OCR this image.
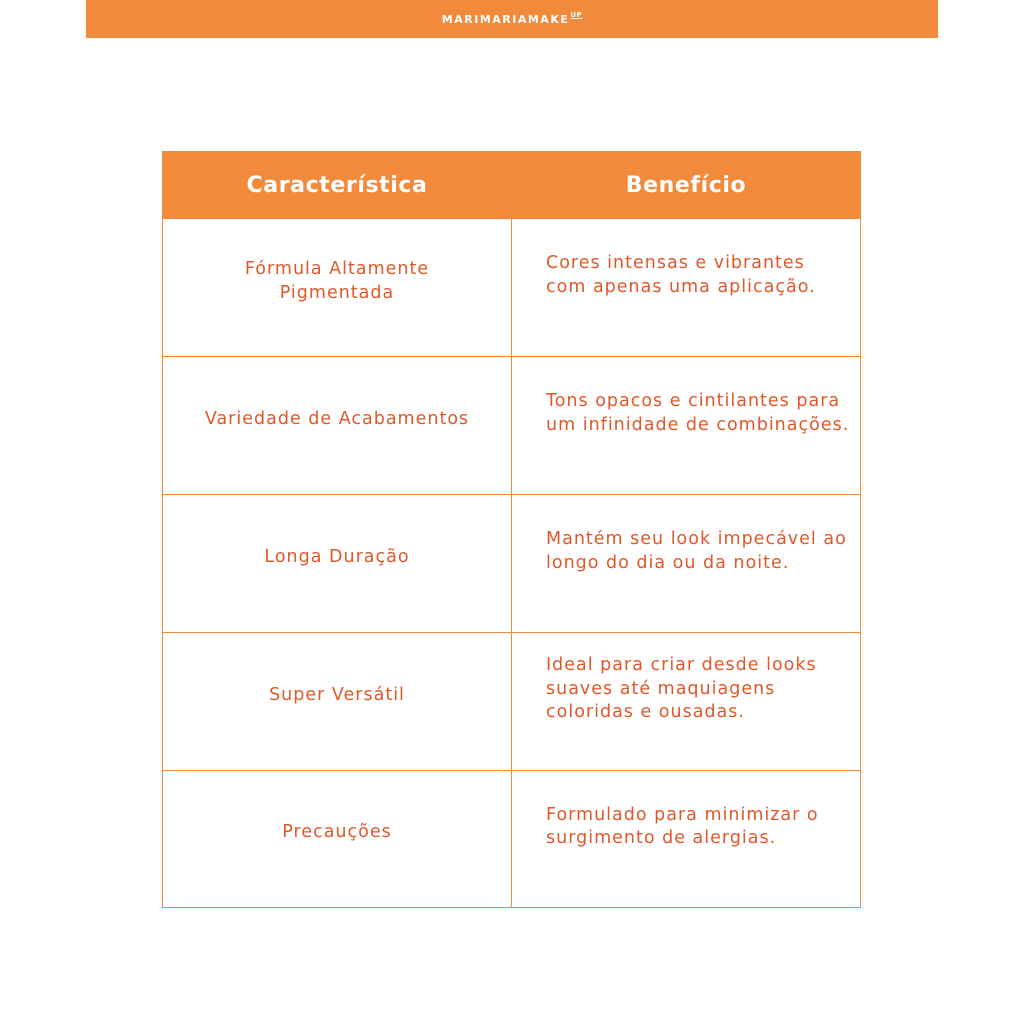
MARIMARIAMAKE UP
Característica	Benefício

Fórmula Altamente Pigmentada	Cores intensas e vibrantes com apenas uma aplicação.

Variedade de Acabamentos	Tons opacos e cintilantes para um infinidade de combinações.

Longa Duração	Mantém seu look impecável ao longo do dia ou da noite.

Super Versátil	Ideal para criar desde looks suaves até maquiagens coloridas e ousadas.

Precauções	Formulado para minimizar o surgimento de alergias.
